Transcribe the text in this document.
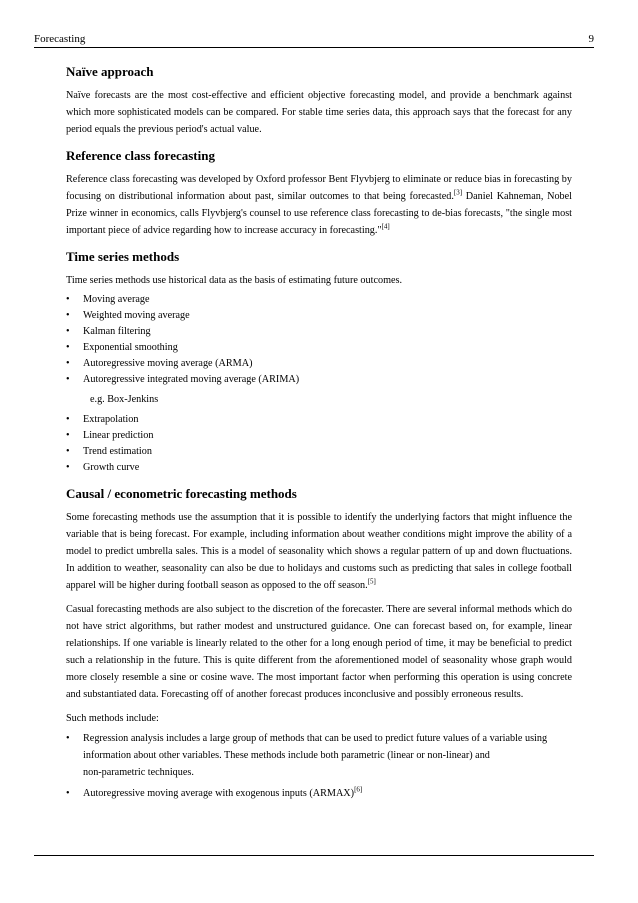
Forecasting	9
Naïve approach

Naïve forecasts are the most cost-effective and efficient objective forecasting model, and provide a benchmark against which more sophisticated models can be compared. For stable time series data, this approach says that the forecast for any period equals the previous period's actual value.

Reference class forecasting

Reference class forecasting was developed by Oxford professor Bent Flyvbjerg to eliminate or reduce bias in forecasting by focusing on distributional information about past, similar outcomes to that being forecasted.[3] Daniel Kahneman, Nobel Prize winner in economics, calls Flyvbjerg's counsel to use reference class forecasting to de-bias forecasts, "the single most important piece of advice regarding how to increase accuracy in forecasting."[4]

Time series methods

Time series methods use historical data as the basis of estimating future outcomes.

• Moving average
• Weighted moving average
• Kalman filtering
• Exponential smoothing
• Autoregressive moving average (ARMA)
• Autoregressive integrated moving average (ARIMA)
e.g. Box-Jenkins
• Extrapolation
• Linear prediction
• Trend estimation
• Growth curve
Causal / econometric forecasting methods

Some forecasting methods use the assumption that it is possible to identify the underlying factors that might influence the variable that is being forecast. For example, including information about weather conditions might improve the ability of a model to predict umbrella sales. This is a model of seasonality which shows a regular pattern of up and down fluctuations. In addition to weather, seasonality can also be due to holidays and customs such as predicting that sales in college football apparel will be higher during football season as opposed to the off season.[5]

Casual forecasting methods are also subject to the discretion of the forecaster. There are several informal methods which do not have strict algorithms, but rather modest and unstructured guidance. One can forecast based on, for example, linear relationships. If one variable is linearly related to the other for a long enough period of time, it may be beneficial to predict such a relationship in the future. This is quite different from the aforementioned model of seasonality whose graph would more closely resemble a sine or cosine wave. The most important factor when performing this operation is using concrete and substantiated data. Forecasting off of another forecast produces inconclusive and possibly erroneous results.

Such methods include:

• Regression analysis includes a large group of methods that can be used to predict future values of a variable using
information about other variables. These methods include both parametric (linear or non-linear) and
non-parametric techniques.
• Autoregressive moving average with exogenous inputs (ARMAX)[6]
